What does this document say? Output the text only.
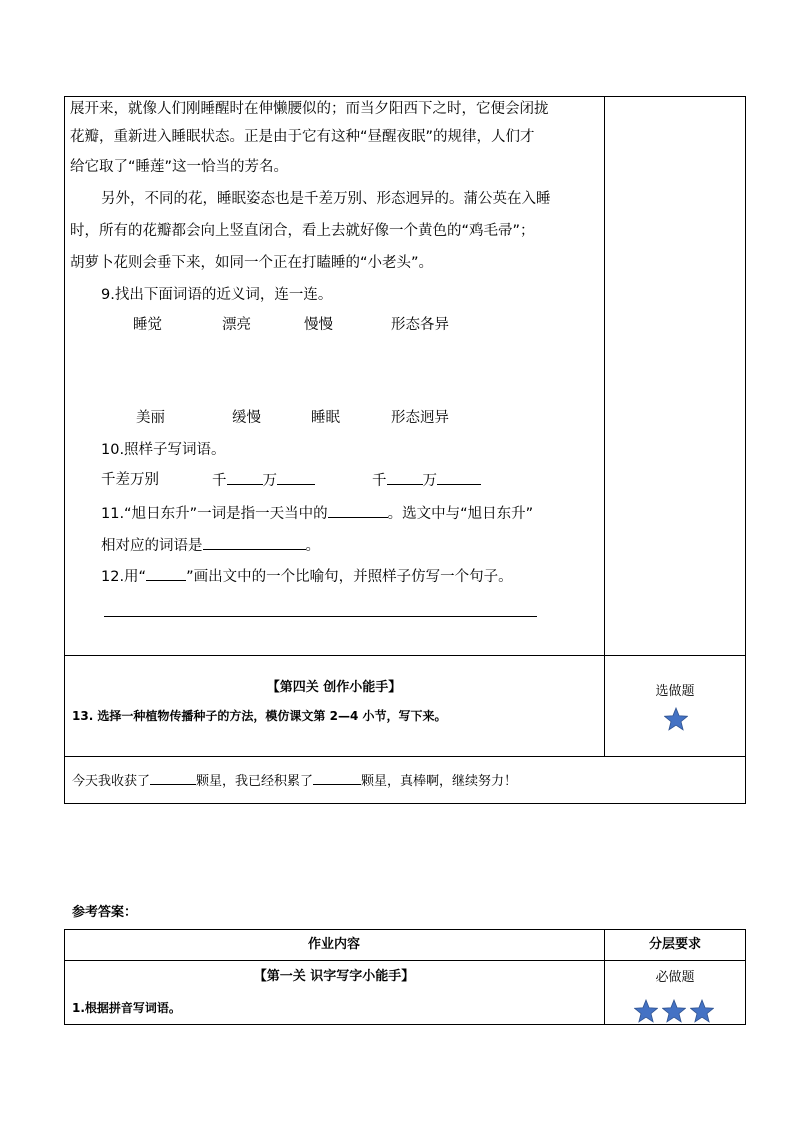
展开来，就像人们刚睡醒时在伸懒腰似的；而当夕阳西下之时，它便会闭拢
花瓣，重新进入睡眠状态。正是由于它有这种“昼醒夜眠”的规律，人们才
给它取了“睡莲”这一恰当的芳名。
另外，不同的花，睡眠姿态也是千差万别、形态迥异的。蒲公英在入睡
时，所有的花瓣都会向上竖直闭合，看上去就好像一个黄色的“鸡毛帚”；
胡萝卜花则会垂下来，如同一个正在打瞌睡的“小老头”。
9.找出下面词语的近义词，连一连。
睡觉	漂亮	慢慢	形态各异
美丽	缓慢	睡眠	形态迥异
10.照样子写词语。
千差万别	千 万	千 万
11.“旭日东升”一词是指一天当中的	。选文中与“旭日东升”
相对应的词语是	。
12.用“	”画出文中的一个比喻句，并照样子仿写一个句子。
【第四关 创作小能手】
13. 选择一种植物传播种子的方法，模仿课文第 2—4 小节，写下来。
选做题
今天我收获了	颗星，我已经积累了	颗星，真棒啊，继续努力！
参考答案：
作业内容	分层要求
【第一关 识字写字小能手】
1.根据拼音写词语。
必做题
